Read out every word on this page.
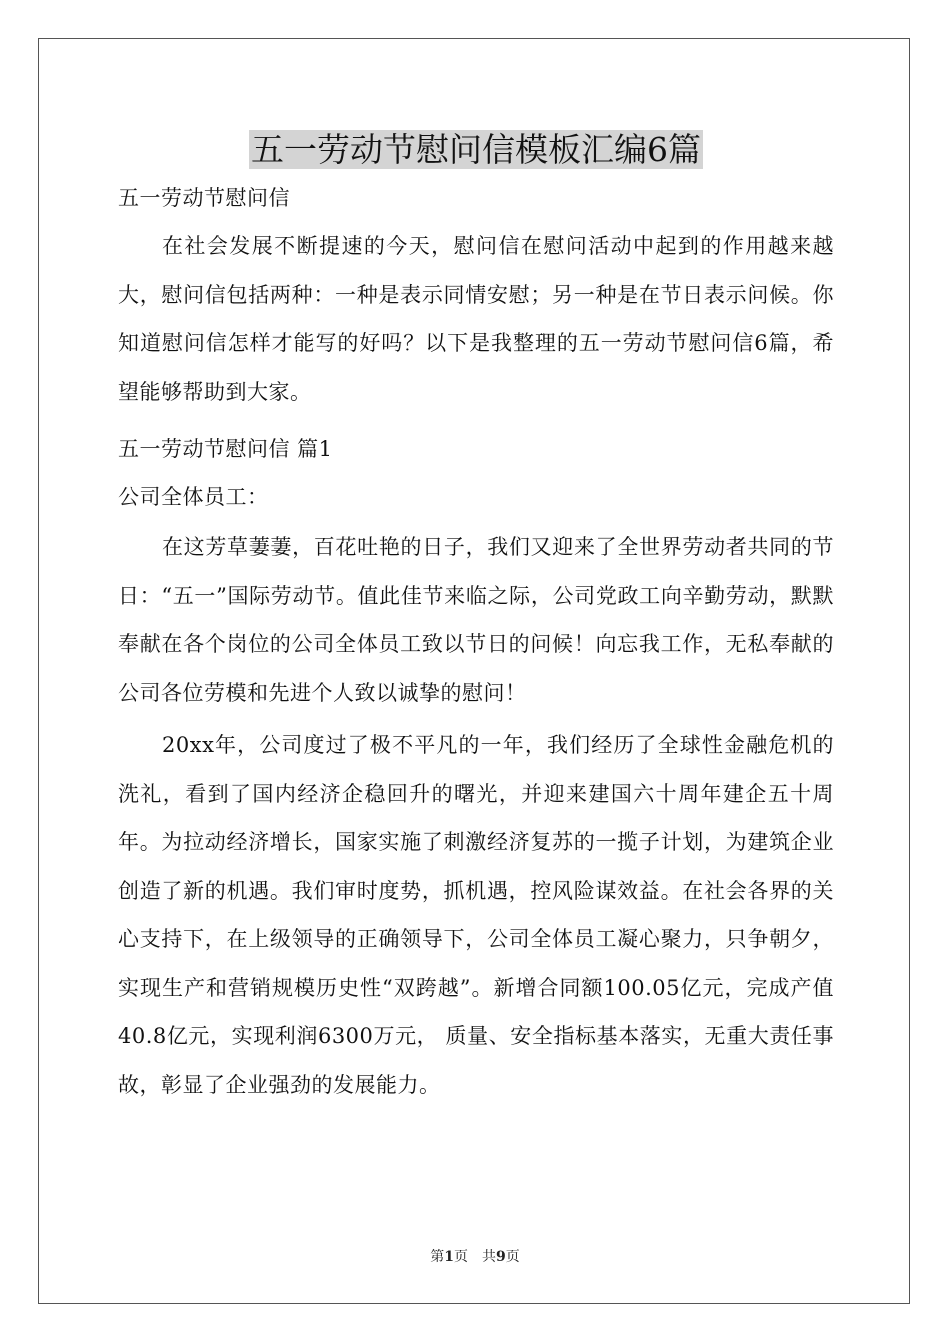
五一劳动节慰问信模板汇编6篇

五一劳动节慰问信

在社会发展不断提速的今天，慰问信在慰问活动中起到的作用越来越大，慰问信包括两种：一种是表示同情安慰；另一种是在节日表示问候。你知道慰问信怎样才能写的好吗？以下是我整理的五一劳动节慰问信6篇，希望能够帮助到大家。

五一劳动节慰问信 篇1

公司全体员工：

在这芳草萋萋，百花吐艳的日子，我们又迎来了全世界劳动者共同的节日：“五一”国际劳动节。值此佳节来临之际，公司党政工向辛勤劳动，默默奉献在各个岗位的公司全体员工致以节日的问候！向忘我工作，无私奉献的公司各位劳模和先进个人致以诚挚的慰问！

20xx年，公司度过了极不平凡的一年，我们经历了全球性金融危机的洗礼，看到了国内经济企稳回升的曙光，并迎来建国六十周年建企五十周年。为拉动经济增长，国家实施了刺激经济复苏的一揽子计划，为建筑企业创造了新的机遇。我们审时度势，抓机遇，控风险谋效益。在社会各界的关心支持下，在上级领导的正确领导下，公司全体员工凝心聚力，只争朝夕，实现生产和营销规模历史性“双跨越”。新增合同额100.05亿元，完成产值40.8亿元，实现利润6300万元， 质量、安全指标基本落实，无重大责任事故，彰显了企业强劲的发展能力。

第1页　共9页
